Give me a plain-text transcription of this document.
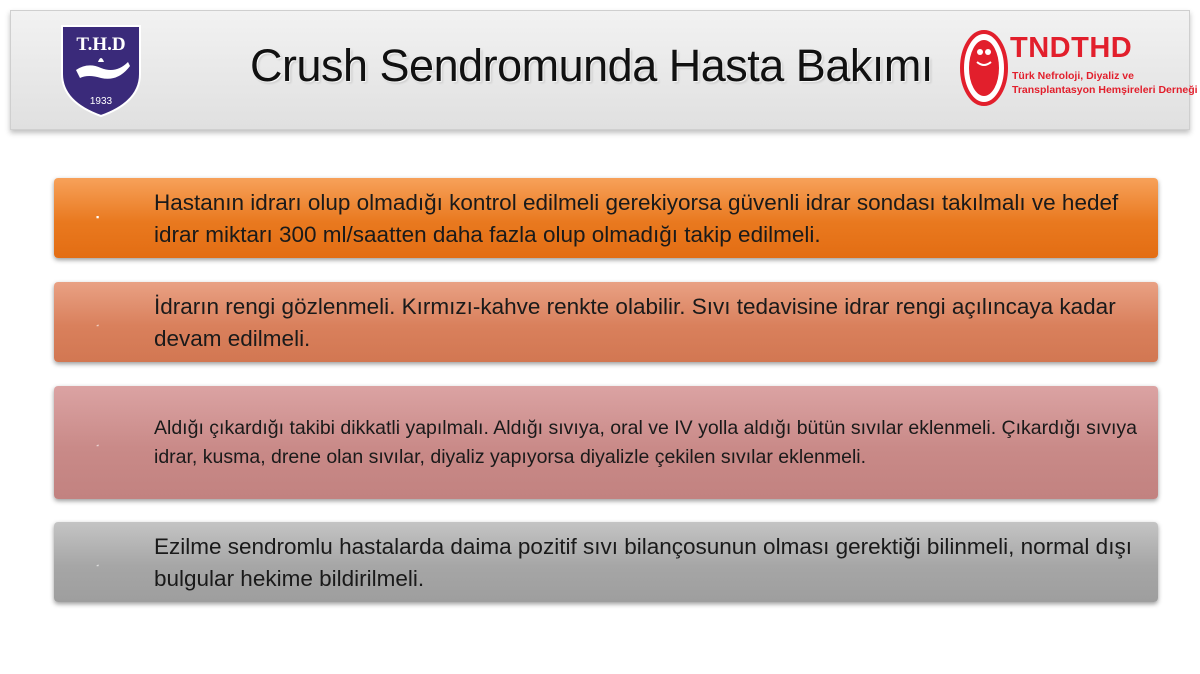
T.H.D
1933
Crush Sendromunda Hasta Bakımı	TNDTHD
Türk Nefroloji, Diyaliz ve
Transplantasyon Hemşireleri Derneği
▪
Hastanın idrarı olup olmadığı kontrol edilmeli gerekiyorsa güvenli idrar sondası takılmalı ve hedef idrar miktarı 300 ml/saatten daha fazla olup olmadığı takip edilmeli.
˼
İdrarın rengi gözlenmeli. Kırmızı-kahve renkte olabilir. Sıvı tedavisine idrar rengi açılıncaya kadar devam edilmeli.
˼
Aldığı çıkardığı takibi dikkatli yapılmalı. Aldığı sıvıya, oral ve IV yolla aldığı bütün sıvılar eklenmeli. Çıkardığı sıvıya idrar, kusma, drene olan sıvılar, diyaliz yapıyorsa diyalizle çekilen sıvılar eklenmeli.
˼
Ezilme sendromlu hastalarda daima pozitif sıvı bilançosunun olması gerektiği bilinmeli, normal dışı bulgular hekime bildirilmeli.
